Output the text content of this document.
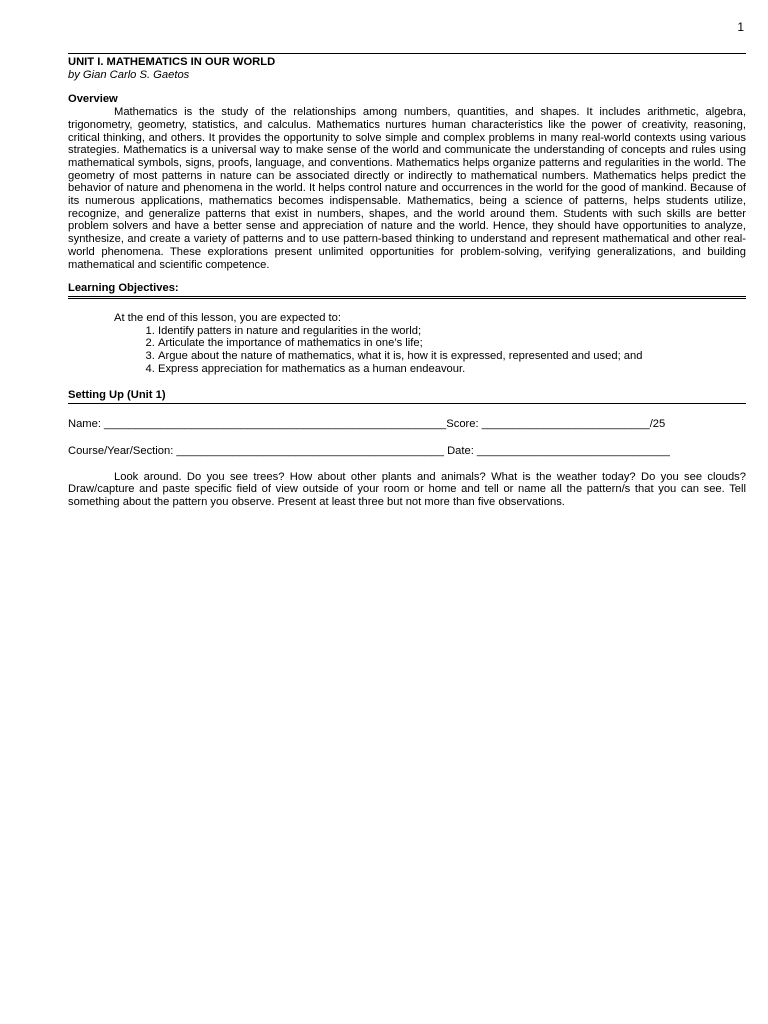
1
UNIT I. MATHEMATICS IN OUR WORLD
by Gian Carlo S. Gaetos
Overview

Mathematics is the study of the relationships among numbers, quantities, and shapes. It includes arithmetic, algebra, trigonometry, geometry, statistics, and calculus. Mathematics nurtures human characteristics like the power of creativity, reasoning, critical thinking, and others. It provides the opportunity to solve simple and complex problems in many real-world contexts using various strategies. Mathematics is a universal way to make sense of the world and communicate the understanding of concepts and rules using mathematical symbols, signs, proofs, language, and conventions. Mathematics helps organize patterns and regularities in the world. The geometry of most patterns in nature can be associated directly or indirectly to mathematical numbers. Mathematics helps predict the behavior of nature and phenomena in the world. It helps control nature and occurrences in the world for the good of mankind. Because of its numerous applications, mathematics becomes indispensable. Mathematics, being a science of patterns, helps students utilize, recognize, and generalize patterns that exist in numbers, shapes, and the world around them. Students with such skills are better problem solvers and have a better sense and appreciation of nature and the world. Hence, they should have opportunities to analyze, synthesize, and create a variety of patterns and to use pattern-based thinking to understand and represent mathematical and other real-world phenomena. These explorations present unlimited opportunities for problem-solving, verifying generalizations, and building mathematical and scientific competence.

Learning Objectives:
At the end of this lesson, you are expected to:
1. Identify patters in nature and regularities in the world;
2. Articulate the importance of mathematics in one’s life;
3. Argue about the nature of mathematics, what it is, how it is expressed, represented and used; and
4. Express appreciation for mathematics as a human endeavour.
Setting Up (Unit 1)
Name: _______________________________________________________Score: ___________________________/25
Course/Year/Section: ___________________________________________ Date: _______________________________
Look around. Do you see trees? How about other plants and animals? What is the weather today? Do you see clouds? Draw/capture and paste specific field of view outside of your room or home and tell or name all the pattern/s that you can see. Tell something about the pattern you observe. Present at least three but not more than five observations.
